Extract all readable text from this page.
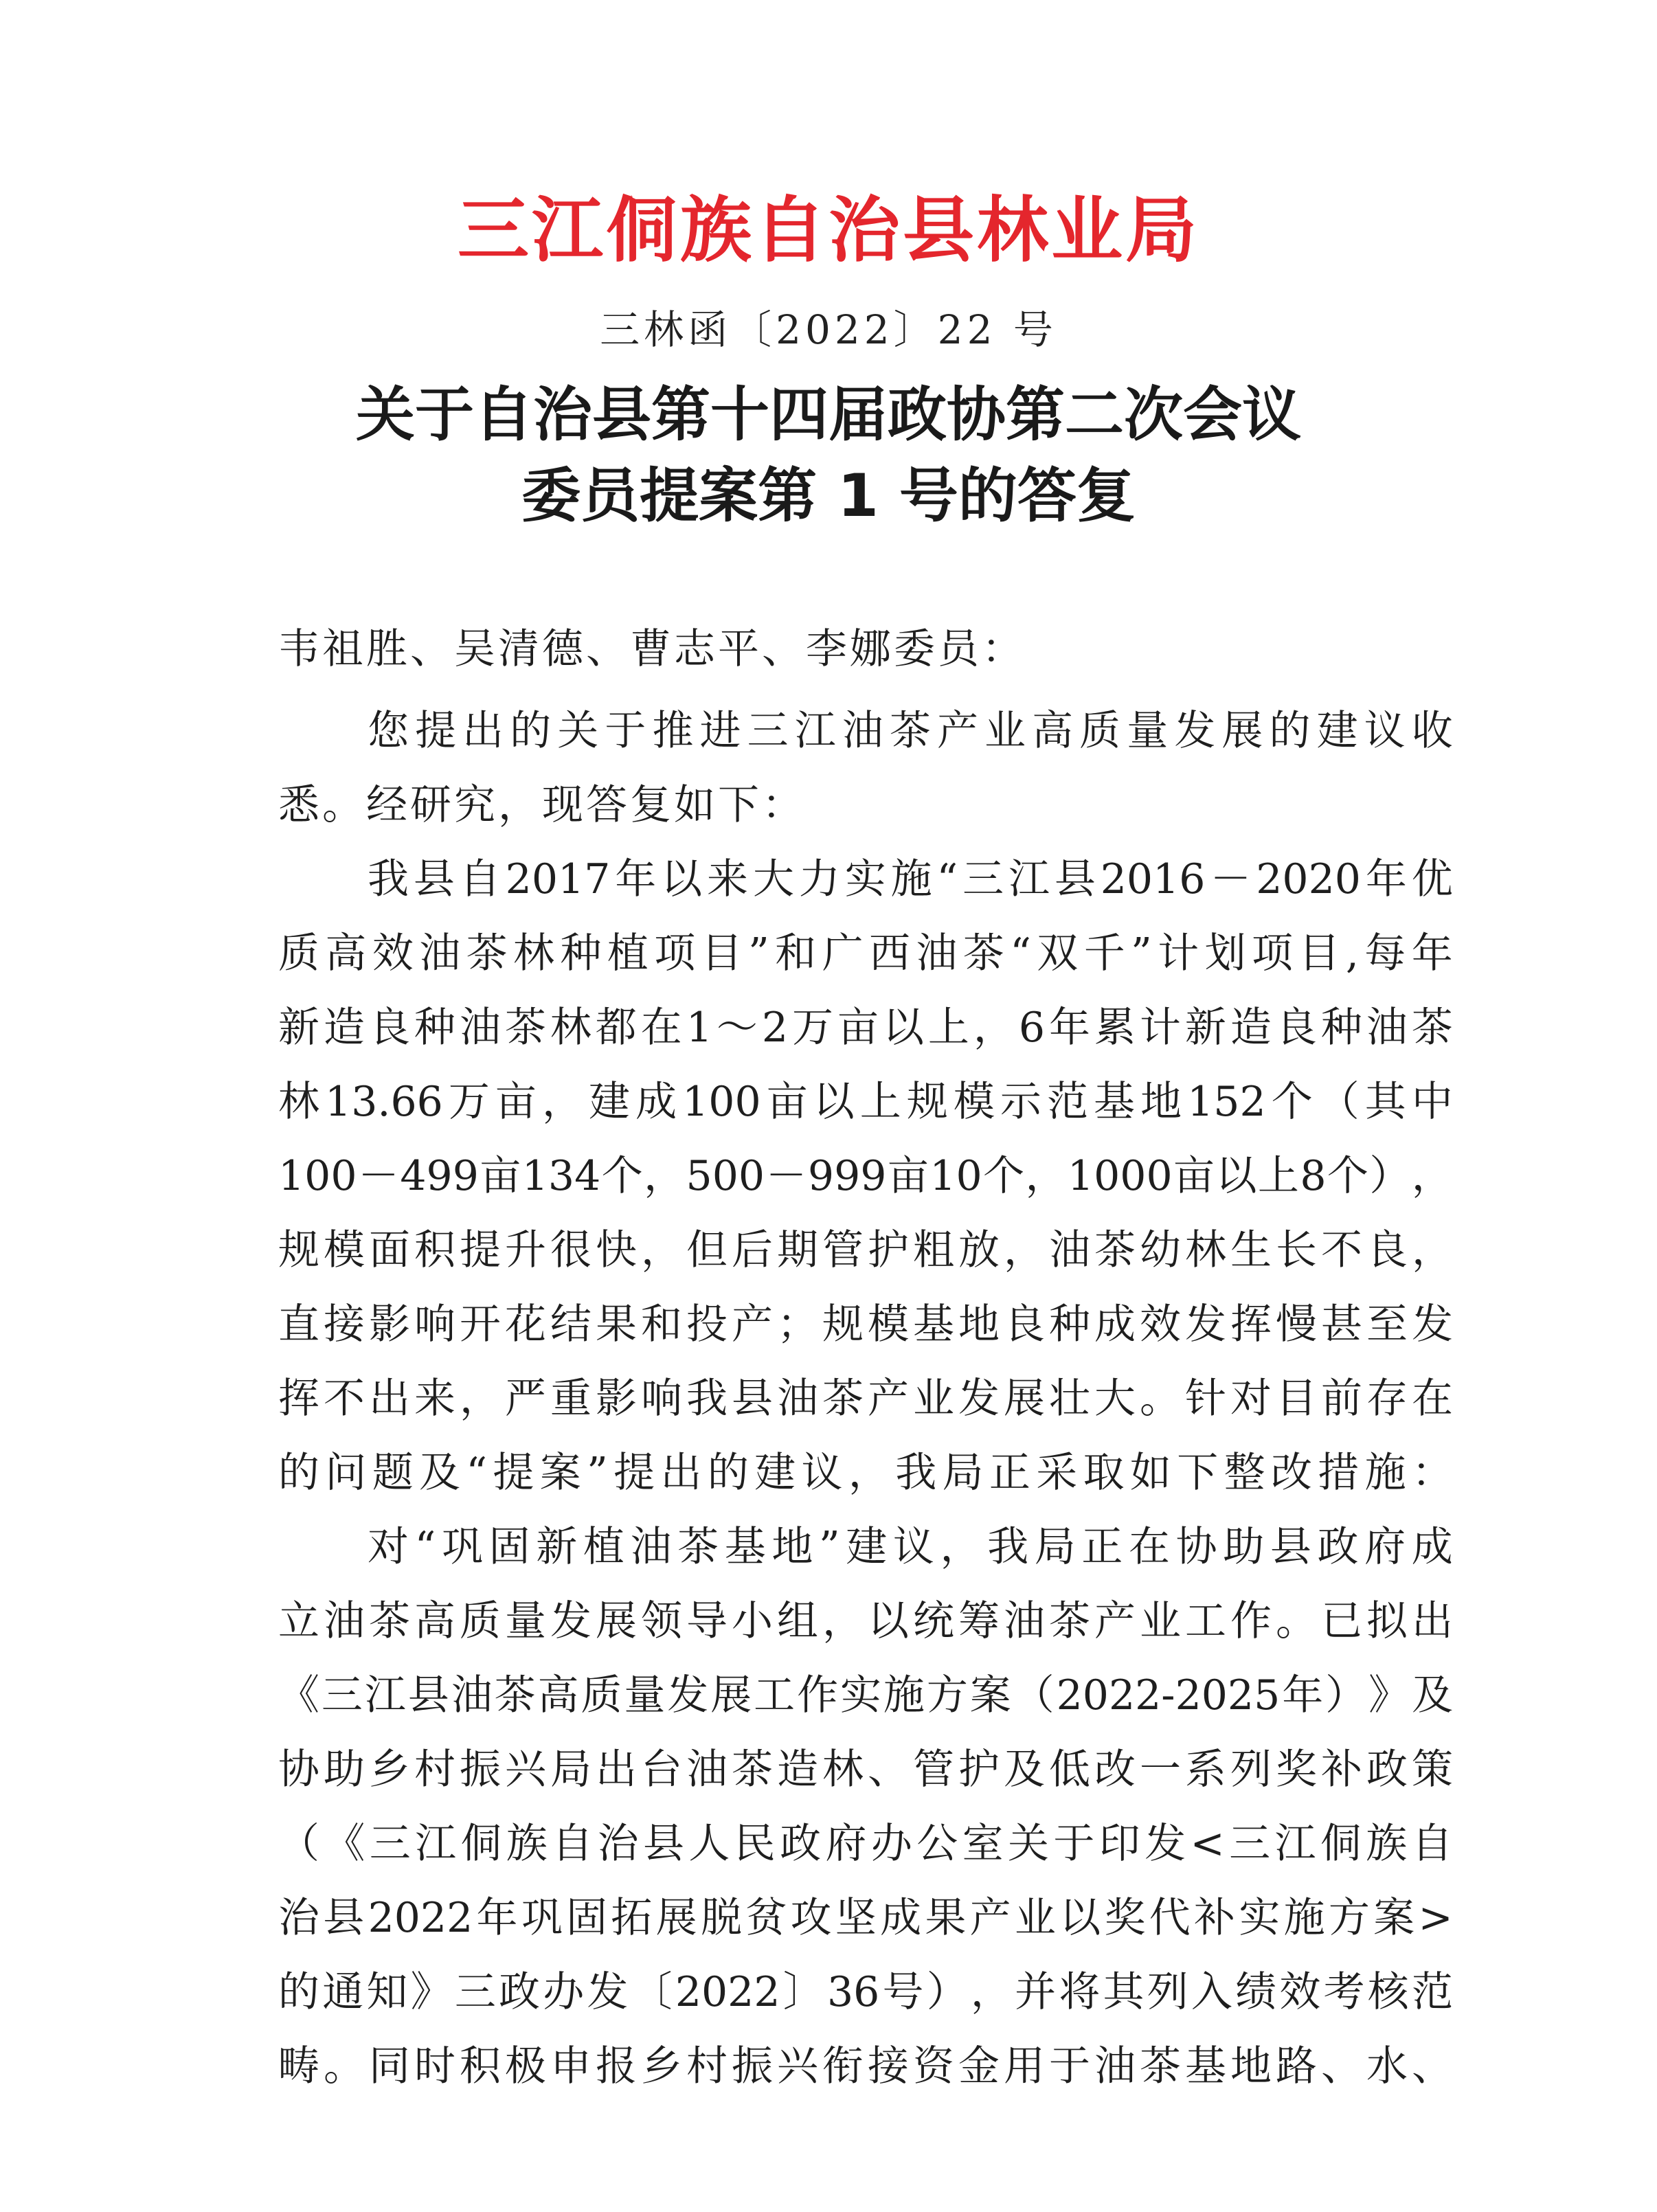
三江侗族自治县林业局
三林函〔2022〕22 号
关于自治县第十四届政协第二次会议
委员提案第 1 号的答复
韦祖胜、吴清德、曹志平、李娜委员：
您 提 出 的 关 于 推 进 三 江 油 茶 产 业 高 质 量 发 展 的 建 议 收
悉。经研究，现答复如下：
我 县 自 2017 年 以 来 大 力 实 施 “ 三 江 县 2016 － 2020 年 优
质 高 效 油 茶 林 种 植 项 目 ” 和 广 西 油 茶 “ 双 千 ” 计 划 项 目 , 每 年
新 造 良 种 油 茶 林 都 在 1 ～ 2 万 亩 以 上 ， 6 年 累 计 新 造 良 种 油 茶
林 13.66 万 亩 ， 建 成 100 亩 以 上 规 模 示 范 基 地 152 个 （ 其 中
100 － 499 亩 134 个 ， 500 － 999 亩 10 个 ， 1000 亩 以 上 8 个 ） ，
规 模 面 积 提 升 很 快 ， 但 后 期 管 护 粗 放 ， 油 茶 幼 林 生 长 不 良 ，
直 接 影 响 开 花 结 果 和 投 产 ； 规 模 基 地 良 种 成 效 发 挥 慢 甚 至 发
挥 不 出 来 ， 严 重 影 响 我 县 油 茶 产 业 发 展 壮 大 。 针 对 目 前 存 在
的 问 题 及 “ 提 案 ” 提 出 的 建 议 ， 我 局 正 采 取 如 下 整 改 措 施 ：
对 “ 巩 固 新 植 油 茶 基 地 ” 建 议 ， 我 局 正 在 协 助 县 政 府 成
立 油 茶 高 质 量 发 展 领 导 小 组 ， 以 统 筹 油 茶 产 业 工 作 。 已 拟 出
《 三 江 县 油 茶 高 质 量 发 展 工 作 实 施 方 案 （ 2022-2025 年 ） 》 及
协 助 乡 村 振 兴 局 出 台 油 茶 造 林 、 管 护 及 低 改 一 系 列 奖 补 政 策
（ 《 三 江 侗 族 自 治 县 人 民 政 府 办 公 室 关 于 印 发 < 三 江 侗 族 自
治 县 2022 年 巩 固 拓 展 脱 贫 攻 坚 成 果 产 业 以 奖 代 补 实 施 方 案 >
的 通 知 》 三 政 办 发 〔 2022 〕 36 号 ） ， 并 将 其 列 入 绩 效 考 核 范
畴 。 同 时 积 极 申 报 乡 村 振 兴 衔 接 资 金 用 于 油 茶 基 地 路 、 水 、
